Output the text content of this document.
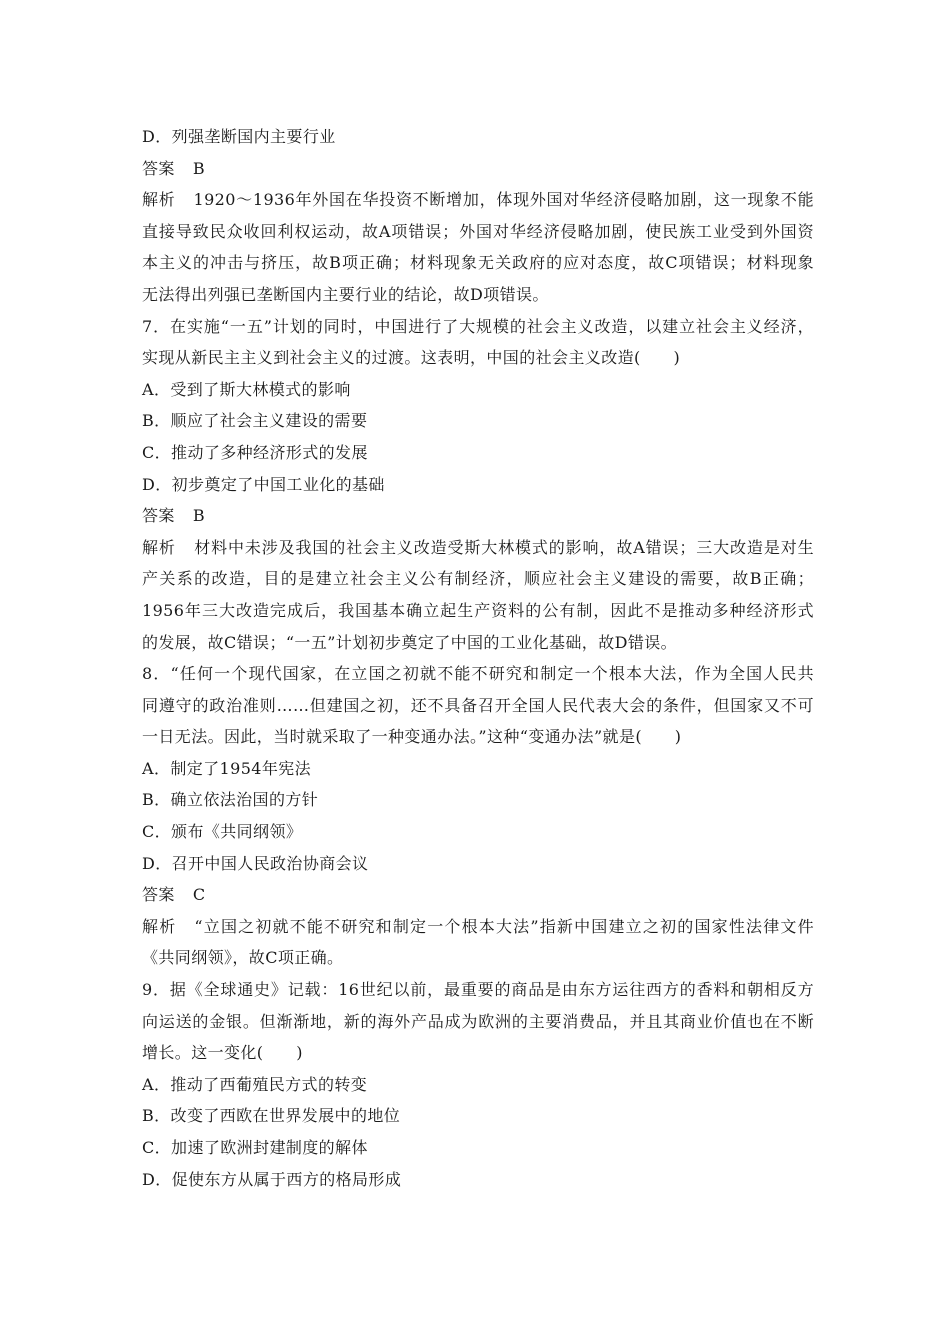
D．列强垄断国内主要行业
答案 B
解析 1920～1936年外国在华投资不断增加，体现外国对华经济侵略加剧，这一现象不能
直接导致民众收回利权运动，故A项错误；外国对华经济侵略加剧，使民族工业受到外国资
本主义的冲击与挤压，故B项正确；材料现象无关政府的应对态度，故C项错误；材料现象
无法得出列强已垄断国内主要行业的结论，故D项错误。
7．在实施“一五”计划的同时，中国进行了大规模的社会主义改造，以建立社会主义经济，
实现从新民主主义到社会主义的过渡。这表明，中国的社会主义改造(　　)
A．受到了斯大林模式的影响
B．顺应了社会主义建设的需要
C．推动了多种经济形式的发展
D．初步奠定了中国工业化的基础
答案 B
解析 材料中未涉及我国的社会主义改造受斯大林模式的影响，故A错误；三大改造是对生
产关系的改造，目的是建立社会主义公有制经济，顺应社会主义建设的需要，故B正确；
1956年三大改造完成后，我国基本确立起生产资料的公有制，因此不是推动多种经济形式
的发展，故C错误；“一五”计划初步奠定了中国的工业化基础，故D错误。
8．“任何一个现代国家，在立国之初就不能不研究和制定一个根本大法，作为全国人民共
同遵守的政治准则……但建国之初，还不具备召开全国人民代表大会的条件，但国家又不可
一日无法。因此，当时就采取了一种变通办法。”这种“变通办法”就是(　　)
A．制定了1954年宪法
B．确立依法治国的方针
C．颁布《共同纲领》
D．召开中国人民政治协商会议
答案 C
解析 “立国之初就不能不研究和制定一个根本大法”指新中国建立之初的国家性法律文件
《共同纲领》，故C项正确。
9．据《全球通史》记载：16世纪以前，最重要的商品是由东方运往西方的香料和朝相反方
向运送的金银。但渐渐地，新的海外产品成为欧洲的主要消费品，并且其商业价值也在不断
增长。这一变化(　　)
A．推动了西葡殖民方式的转变
B．改变了西欧在世界发展中的地位
C．加速了欧洲封建制度的解体
D．促使东方从属于西方的格局形成
